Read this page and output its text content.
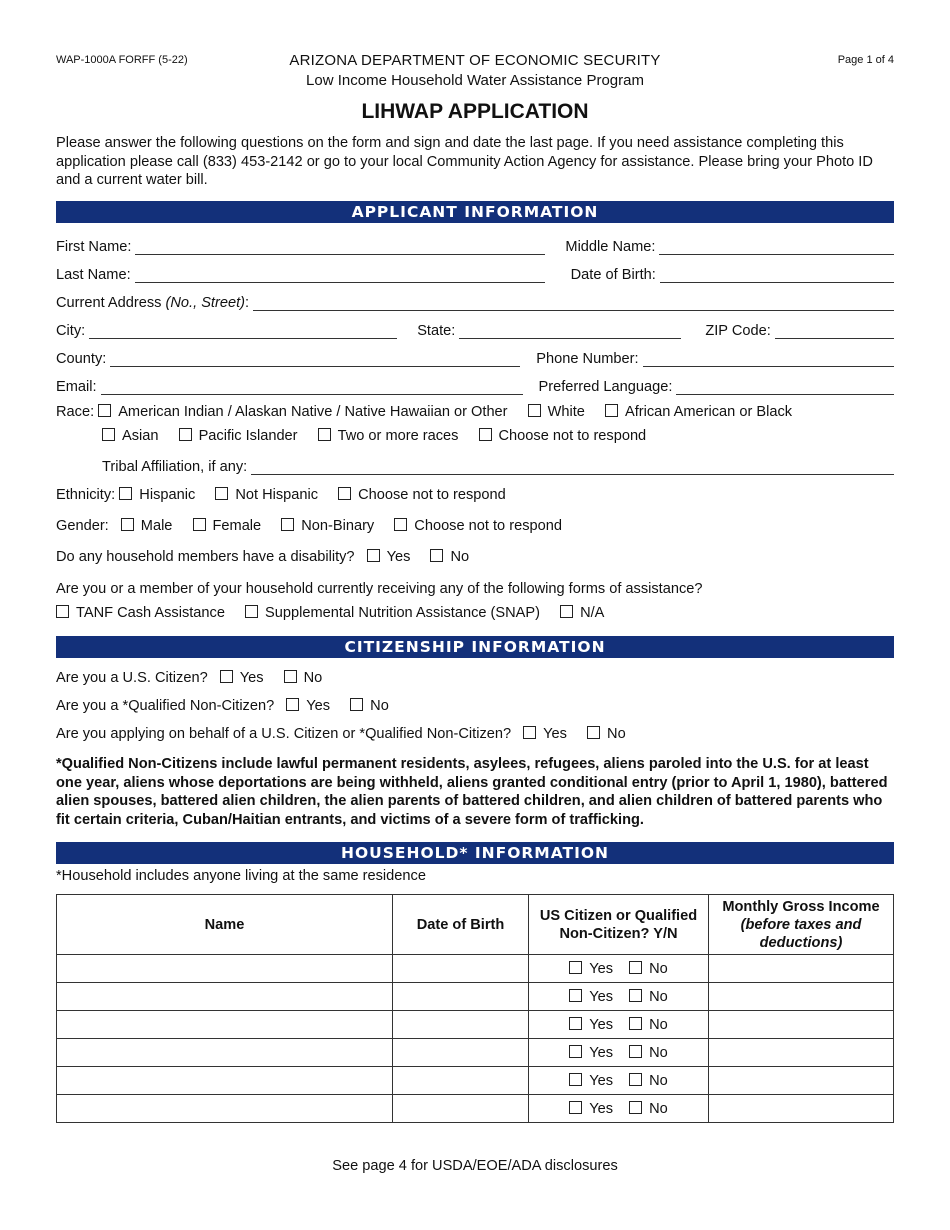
WAP-1000A FORFF (5-22)	Page 1 of 4
ARIZONA DEPARTMENT OF ECONOMIC SECURITY
Low Income Household Water Assistance Program
LIHWAP APPLICATION
Please answer the following questions on the form and sign and date the last page. If you need assistance completing this application please call (833) 453-2142 or go to your local Community Action Agency for assistance. Please bring your Photo ID and a current water bill.
APPLICANT INFORMATION
First Name:	Middle Name:
Last Name:	Date of Birth:
Current Address (No., Street):
City:	State:	ZIP Code:
County:	Phone Number:
Email:	Preferred Language:
Race: American Indian / Alaskan Native / Native Hawaiian or Other	White	African American or Black
Asian	Pacific Islander	Two or more races	Choose not to respond
Tribal Affiliation, if any:
Ethnicity: Hispanic	Not Hispanic	Choose not to respond
Gender: Male	Female	Non-Binary	Choose not to respond
Do any household members have a disability? Yes	No
Are you or a member of your household currently receiving any of the following forms of assistance?
TANF Cash Assistance	Supplemental Nutrition Assistance (SNAP)	N/A
CITIZENSHIP INFORMATION
Are you a U.S. Citizen? Yes	No
Are you a *Qualified Non-Citizen? Yes	No
Are you applying on behalf of a U.S. Citizen or *Qualified Non-Citizen? Yes	No
*Qualified Non-Citizens include lawful permanent residents, asylees, refugees, aliens paroled into the U.S. for at least one year, aliens whose deportations are being withheld, aliens granted conditional entry (prior to April 1, 1980), battered alien spouses, battered alien children, the alien parents of battered children, and alien children of battered parents who fit certain criteria, Cuban/Haitian entrants, and victims of a severe form of trafficking.
HOUSEHOLD* INFORMATION
*Household includes anyone living at the same residence
Name	Date of Birth	US Citizen or Qualified Non-Citizen? Y/N	Monthly Gross Income
(before taxes and deductions)
		Yes No	
		Yes No	
		Yes No	
		Yes No	
		Yes No	
		Yes No	
See page 4 for USDA/EOE/ADA disclosures
